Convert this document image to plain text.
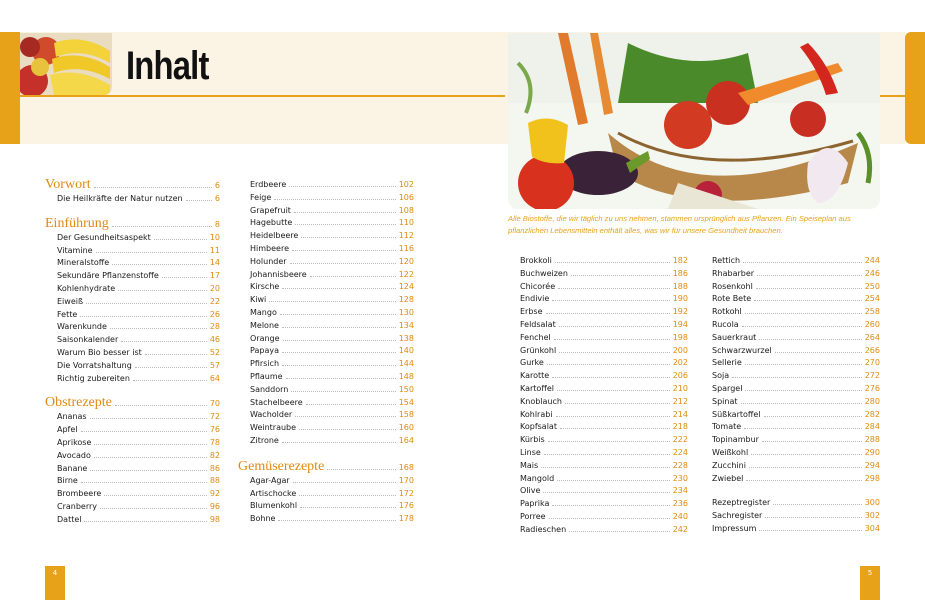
Inhalt
Alle Biostoffe, die wir täglich zu uns nehmen, stammen ursprünglich aus Pflanzen. Ein Speiseplan aus pflanzlichen Lebensmitteln enthält alles, was wir für unsere Gesundheit brauchen.
Vorwort	6
Die Heilkräfte der Natur nutzen	6
Einführung	8
Der Gesundheitsaspekt	10
Vitamine	11
Mineralstoffe	14
Sekundäre Pflanzenstoffe	17
Kohlenhydrate	20
Eiweiß	22
Fette	26
Warenkunde	28
Saisonkalender	46
Warum Bio besser ist	52
Die Vorratshaltung	57
Richtig zubereiten	64
Obstrezepte	70
Ananas	72
Apfel	76
Aprikose	78
Avocado	82
Banane	86
Birne	88
Brombeere	92
Cranberry	96
Dattel	98
Erdbeere	102
Feige	106
Grapefruit	108
Hagebutte	110
Heidelbeere	112
Himbeere	116
Holunder	120
Johannisbeere	122
Kirsche	124
Kiwi	128
Mango	130
Melone	134
Orange	138
Papaya	140
Pfirsich	144
Pflaume	148
Sanddorn	150
Stachelbeere	154
Wacholder	158
Weintraube	160
Zitrone	164
Gemüserezepte	168
Agar-Agar	170
Artischocke	172
Blumenkohl	176
Bohne	178
Brokkoli	182
Buchweizen	186
Chicorée	188
Endivie	190
Erbse	192
Feldsalat	194
Fenchel	198
Grünkohl	200
Gurke	202
Karotte	206
Kartoffel	210
Knoblauch	212
Kohlrabi	214
Kopfsalat	218
Kürbis	222
Linse	224
Mais	228
Mangold	230
Olive	234
Paprika	236
Porree	240
Radieschen	242
Rettich	244
Rhabarber	246
Rosenkohl	250
Rote Bete	254
Rotkohl	258
Rucola	260
Sauerkraut	264
Schwarzwurzel	266
Sellerie	270
Soja	272
Spargel	276
Spinat	280
Süßkartoffel	282
Tomate	284
Topinambur	288
Weißkohl	290
Zucchini	294
Zwiebel	298
Rezeptregister	300
Sachregister	302
Impressum	304
4	5
